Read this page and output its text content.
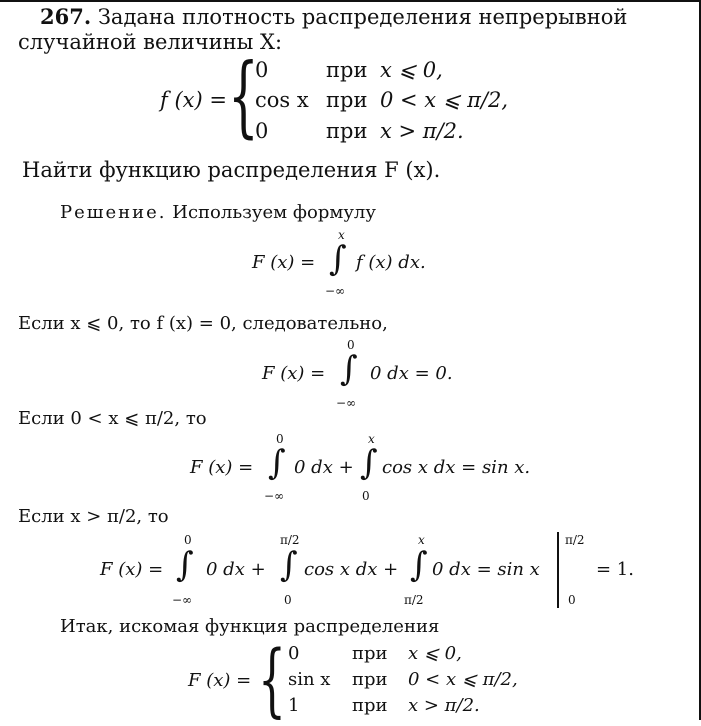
267. Задана плотность распределения непрерывной
случайной величины X:
f (x) = {
0	при x ⩽ 0,
cos x при 0 < x ⩽ π/2,
0	при x > π/2.
Найти функцию распределения F (x).
Решение. Используем формулу
F (x) =
x
∫
−∞
f (x) dx.
Если x ⩽ 0, то f (x) = 0, следовательно,
F (x) =
0
∫
−∞
0 dx = 0.
Если 0 < x ⩽ π/2, то
F (x) =
0
∫
−∞
0 dx +
x
∫
0
cos x dx = sin x.
Если x > π/2, то
F (x) =
0
∫
−∞
0 dx +
π/2
∫
0
cos x dx +
x
∫
π/2
0 dx = sin x
π/2
0
= 1.
Итак, искомая функция распределения
F (x) = { 0	при x ⩽ 0,
sin x при 0 < x ⩽ π/2,
1	при x > π/2.
